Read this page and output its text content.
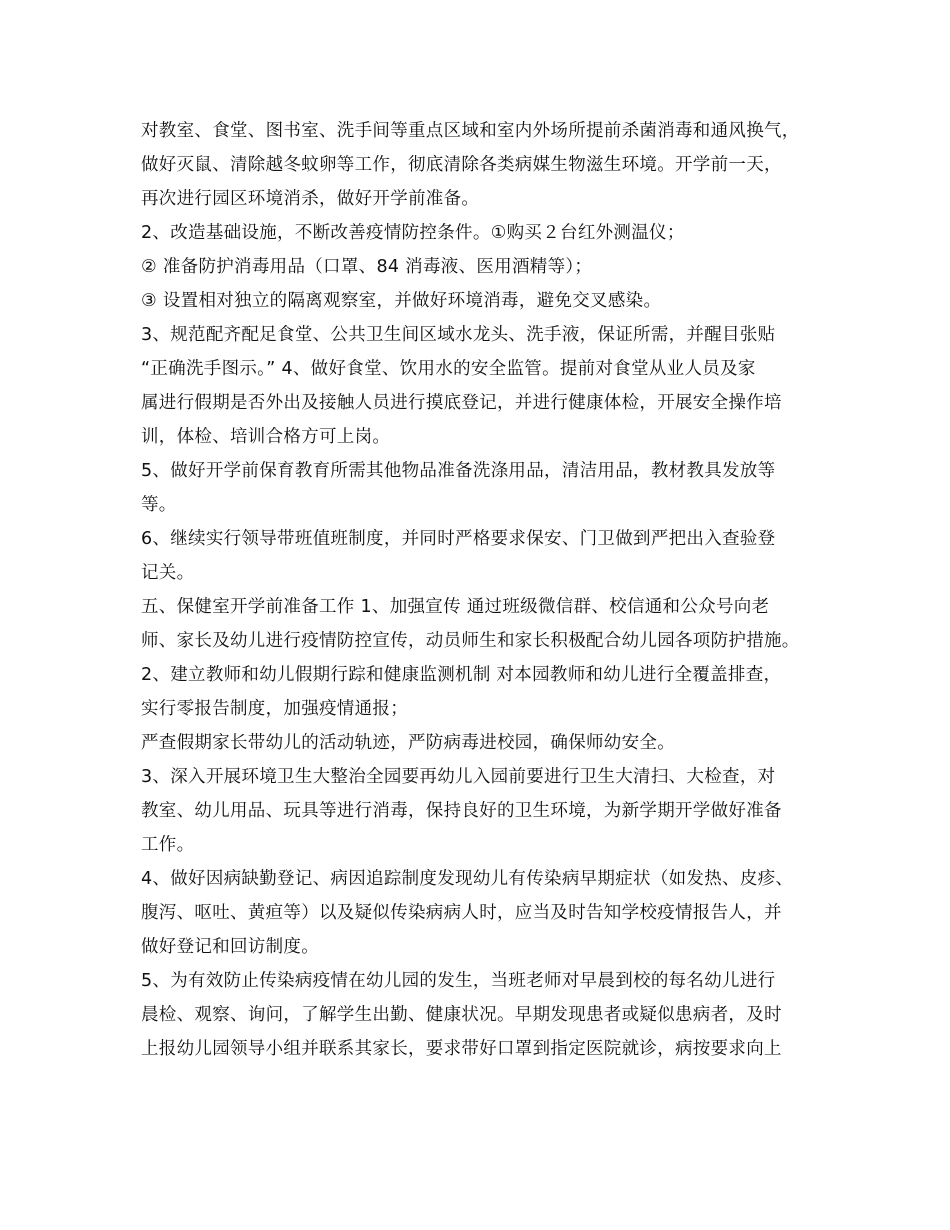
对教室、食堂、图书室、洗手间等重点区域和室内外场所提前杀菌消毒和通风换气，
做好灭鼠、清除越冬蚊卵等工作，彻底清除各类病媒生物滋生环境。开学前一天，
再次进行园区环境消杀，做好开学前准备。
2、改造基础设施，不断改善疫情防控条件。①购买２台红外测温仪；
② 准备防护消毒用品（口罩、84 消毒液、医用酒精等）；
③ 设置相对独立的隔离观察室，并做好环境消毒，避免交叉感染。
3、规范配齐配足食堂、公共卫生间区域水龙头、洗手液，保证所需，并醒目张贴
“正确洗手图示。” 4、做好食堂、饮用水的安全监管。提前对食堂从业人员及家
属进行假期是否外出及接触人员进行摸底登记，并进行健康体检，开展安全操作培
训，体检、培训合格方可上岗。
5、做好开学前保育教育所需其他物品准备洗涤用品，清洁用品，教材教具发放等
等。
6、继续实行领导带班值班制度，并同时严格要求保安、门卫做到严把出入查验登
记关。
五、保健室开学前准备工作 1、加强宣传 通过班级微信群、校信通和公众号向老
师、家长及幼儿进行疫情防控宣传，动员师生和家长积极配合幼儿园各项防护措施。
2、建立教师和幼儿假期行踪和健康监测机制 对本园教师和幼儿进行全覆盖排查，
实行零报告制度，加强疫情通报；
严查假期家长带幼儿的活动轨迹，严防病毒进校园，确保师幼安全。
3、深入开展环境卫生大整治全园要再幼儿入园前要进行卫生大清扫、大检查，对
教室、幼儿用品、玩具等进行消毒，保持良好的卫生环境，为新学期开学做好准备
工作。
4、做好因病缺勤登记、病因追踪制度发现幼儿有传染病早期症状（如发热、皮疹、
腹泻、呕吐、黄疸等）以及疑似传染病病人时，应当及时告知学校疫情报告人，并
做好登记和回访制度。
5、为有效防止传染病疫情在幼儿园的发生，当班老师对早晨到校的每名幼儿进行
晨检、观察、询问，了解学生出勤、健康状况。早期发现患者或疑似患病者，及时
上报幼儿园领导小组并联系其家长，要求带好口罩到指定医院就诊，病按要求向上
